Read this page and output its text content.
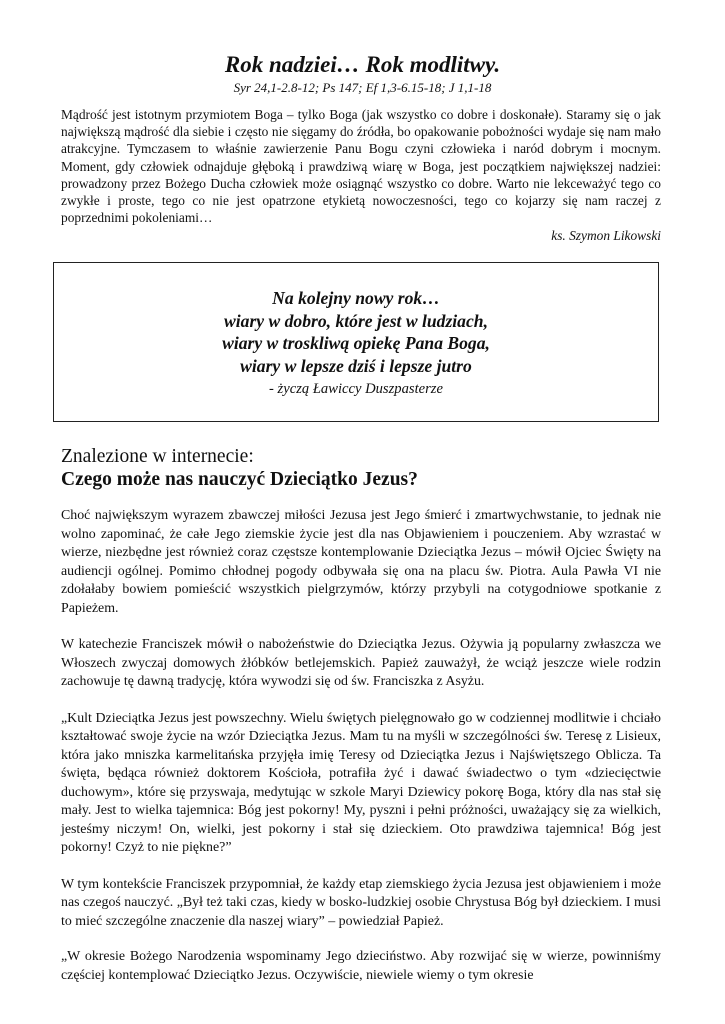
Rok nadziei… Rok modlitwy.
Syr 24,1-2.8-12; Ps 147; Ef 1,3-6.15-18; J 1,1-18

Mądrość jest istotnym przymiotem Boga – tylko Boga (jak wszystko co dobre i doskonałe). Staramy się o jak największą mądrość dla siebie i często nie sięgamy do źródła, bo opakowanie pobożności wydaje się nam mało atrakcyjne. Tymczasem to właśnie zawierzenie Panu Bogu czyni człowieka i naród dobrym i mocnym. Moment, gdy człowiek odnajduje głęboką i prawdziwą wiarę w Boga, jest początkiem największej nadziei: prowadzony przez Bożego Ducha człowiek może osiągnąć wszystko co dobre. Warto nie lekceważyć tego co zwykłe i proste, tego co nie jest opatrzone etykietą nowoczesności, tego co kojarzy się nam raczej z poprzednimi pokoleniami…

ks. Szymon Likowski
Na kolejny nowy rok…
wiary w dobro, które jest w ludziach,
wiary w troskliwą opiekę Pana Boga,
wiary w lepsze dziś i lepsze jutro
- życzą Ławiccy Duszpasterze
Znalezione w internecie:
Czego może nas nauczyć Dzieciątko Jezus?

Choć największym wyrazem zbawczej miłości Jezusa jest Jego śmierć i zmartwychwstanie, to jednak nie wolno zapominać, że całe Jego ziemskie życie jest dla nas Objawieniem i pouczeniem. Aby wzrastać w wierze, niezbędne jest również coraz częstsze kontemplowanie Dzieciątka Jezus – mówił Ojciec Święty na audiencji ogólnej. Pomimo chłodnej pogody odbywała się ona na placu św. Piotra. Aula Pawła VI nie zdołałaby bowiem pomieścić wszystkich pielgrzymów, którzy przybyli na cotygodniowe spotkanie z Papieżem.

W katechezie Franciszek mówił o nabożeństwie do Dzieciątka Jezus. Ożywia ją popularny zwłaszcza we Włoszech zwyczaj domowych żłóbków betlejemskich. Papież zauważył, że wciąż jeszcze wiele rodzin zachowuje tę dawną tradycję, która wywodzi się od św. Franciszka z Asyżu.

„Kult Dzieciątka Jezus jest powszechny. Wielu świętych pielęgnowało go w codziennej modlitwie i chciało kształtować swoje życie na wzór Dzieciątka Jezus. Mam tu na myśli w szczególności św. Teresę z Lisieux, która jako mniszka karmelitańska przyjęła imię Teresy od Dzieciątka Jezus i Najświętszego Oblicza. Ta święta, będąca również doktorem Kościoła, potrafiła żyć i dawać świadectwo o tym «dziecięctwie duchowym», które się przyswaja, medytując w szkole Maryi Dziewicy pokorę Boga, który dla nas stał się mały. Jest to wielka tajemnica: Bóg jest pokorny! My, pyszni i pełni próżności, uważający się za wielkich, jesteśmy niczym! On, wielki, jest pokorny i stał się dzieckiem. Oto prawdziwa tajemnica! Bóg jest pokorny! Czyż to nie piękne?”

W tym kontekście Franciszek przypomniał, że każdy etap ziemskiego życia Jezusa jest objawieniem i może nas czegoś nauczyć. „Był też taki czas, kiedy w bosko-ludzkiej osobie Chrystusa Bóg był dzieckiem. I musi to mieć szczególne znaczenie dla naszej wiary” – powiedział Papież.

„W okresie Bożego Narodzenia wspominamy Jego dzieciństwo. Aby rozwijać się w wierze, powinniśmy częściej kontemplować Dzieciątko Jezus. Oczywiście, niewiele wiemy o tym okresie
